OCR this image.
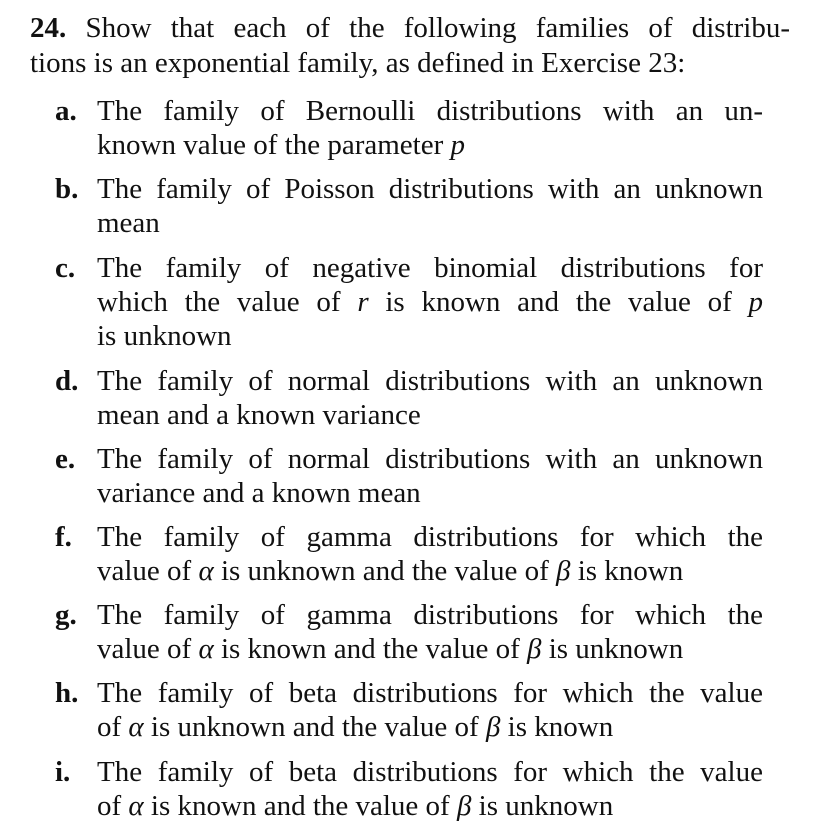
24. Show that each of the following families of distribu-
tions is an exponential family, as defined in Exercise 23:
a. The family of Bernoulli distributions with an un-
known value of the parameter p
b. The family of Poisson distributions with an unknown
mean
c. The family of negative binomial distributions for
which the value of r is known and the value of p
is unknown
d. The family of normal distributions with an unknown
mean and a known variance
e. The family of normal distributions with an unknown
variance and a known mean
f. The family of gamma distributions for which the
value of α is unknown and the value of β is known
g. The family of gamma distributions for which the
value of α is known and the value of β is unknown
h. The family of beta distributions for which the value
of α is unknown and the value of β is known
i. The family of beta distributions for which the value
of α is known and the value of β is unknown
